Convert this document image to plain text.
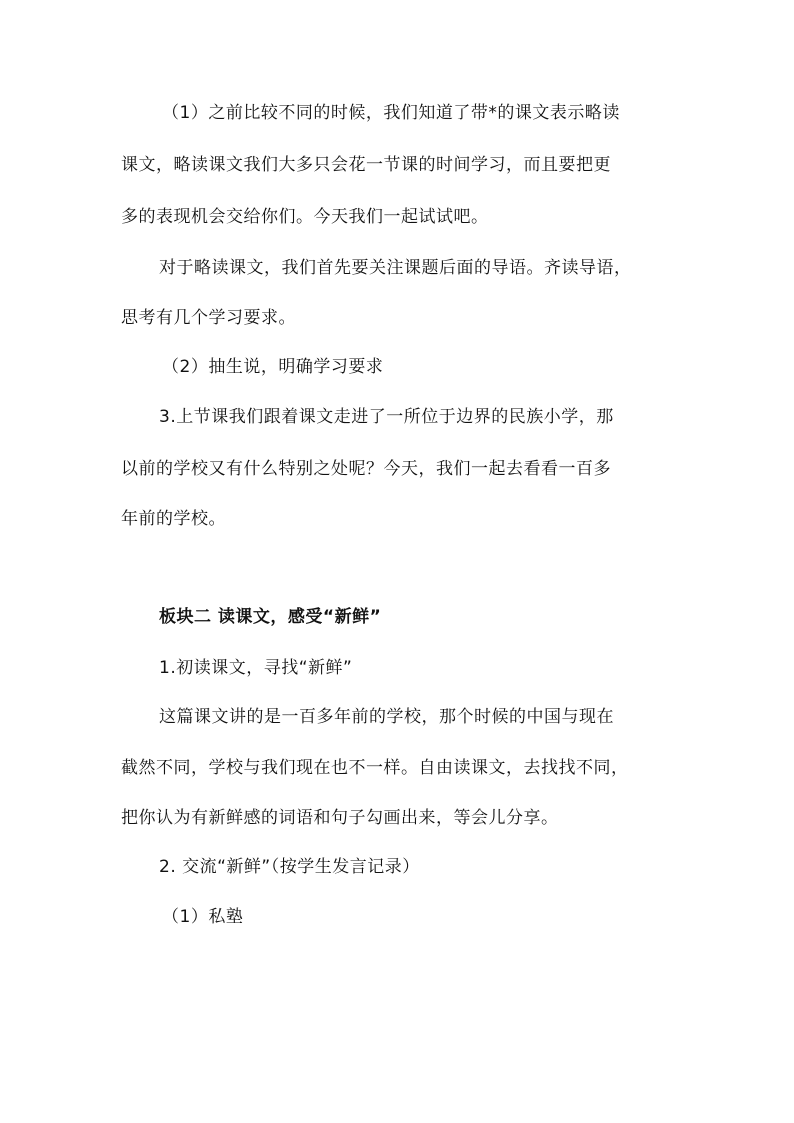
（1）之前比较不同的时候，我们知道了带*的课文表示略读
课文，略读课文我们大多只会花一节课的时间学习，而且要把更
多的表现机会交给你们。今天我们一起试试吧。
对于略读课文，我们首先要关注课题后面的导语。齐读导语，
思考有几个学习要求。
（2）抽生说，明确学习要求
3.上节课我们跟着课文走进了一所位于边界的民族小学，那
以前的学校又有什么特别之处呢？今天，我们一起去看看一百多
年前的学校。
板块二 读课文，感受“新鲜”
1.初读课文，寻找“新鲜”
这篇课文讲的是一百多年前的学校，那个时候的中国与现在
截然不同，学校与我们现在也不一样。自由读课文，去找找不同，
把你认为有新鲜感的词语和句子勾画出来，等会儿分享。
2. 交流“新鲜”（按学生发言记录）
（1）私塾
